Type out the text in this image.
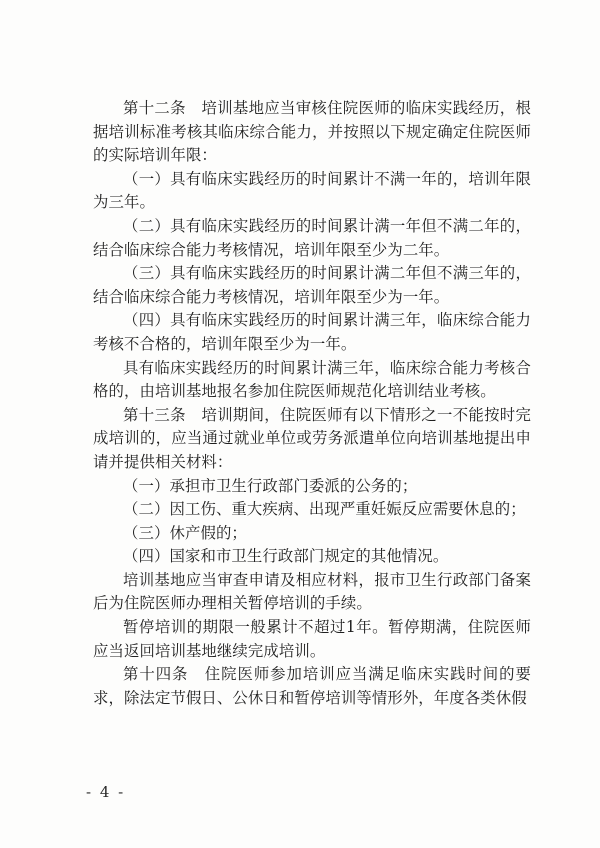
第十二条　培训基地应当审核住院医师的临床实践经历，根据培训标准考核其临床综合能力，并按照以下规定确定住院医师的实际培训年限：

（一）具有临床实践经历的时间累计不满一年的，培训年限为三年。

（二）具有临床实践经历的时间累计满一年但不满二年的，结合临床综合能力考核情况，培训年限至少为二年。

（三）具有临床实践经历的时间累计满二年但不满三年的，结合临床综合能力考核情况，培训年限至少为一年。

（四）具有临床实践经历的时间累计满三年，临床综合能力考核不合格的，培训年限至少为一年。

具有临床实践经历的时间累计满三年，临床综合能力考核合格的，由培训基地报名参加住院医师规范化培训结业考核。

第十三条　培训期间，住院医师有以下情形之一不能按时完成培训的，应当通过就业单位或劳务派遣单位向培训基地提出申请并提供相关材料：

（一）承担市卫生行政部门委派的公务的；

（二）因工伤、重大疾病、出现严重妊娠反应需要休息的；

（三）休产假的；

（四）国家和市卫生行政部门规定的其他情况。

培训基地应当审查申请及相应材料，报市卫生行政部门备案后为住院医师办理相关暂停培训的手续。

暂停培训的期限一般累计不超过1年。暂停期满，住院医师应当返回培训基地继续完成培训。

第十四条　住院医师参加培训应当满足临床实践时间的要求，除法定节假日、公休日和暂停培训等情形外，年度各类休假

- 4 -
